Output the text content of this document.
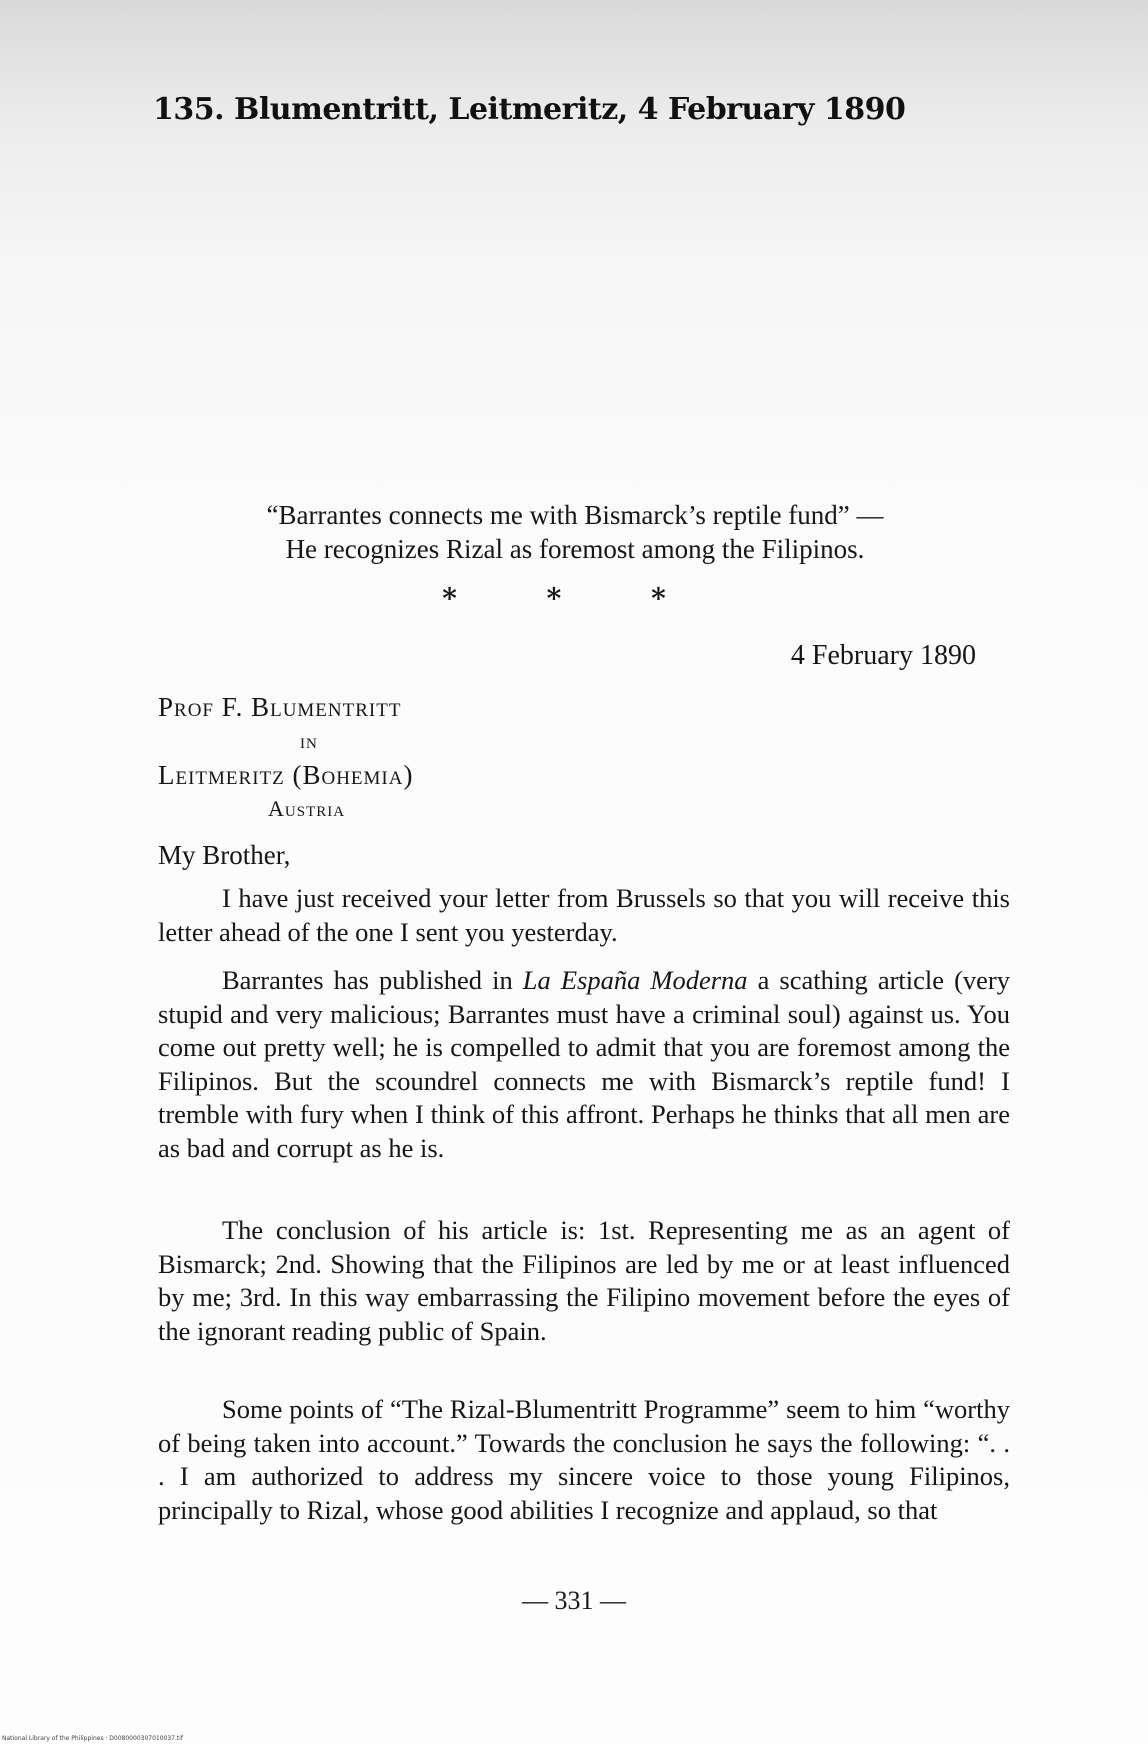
135. Blumentritt, Leitmeritz, 4 February 1890
“Barrantes connects me with Bismarck’s reptile fund” —
He recognizes Rizal as foremost among the Filipinos.
* * *
4 February 1890
Prof F. Blumentritt
in
Leitmeritz (Bohemia)
Austria
My Brother,
I have just received your letter from Brussels so that you will receive this letter ahead of the one I sent you yesterday.
Barrantes has published in La España Moderna a scathing article (very stupid and very malicious; Barrantes must have a criminal soul) against us. You come out pretty well; he is compelled to admit that you are foremost among the Filipinos. But the scoundrel connects me with Bismarck’s reptile fund! I tremble with fury when I think of this affront. Perhaps he thinks that all men are as bad and corrupt as he is.
The conclusion of his article is: 1st. Representing me as an agent of Bismarck; 2nd. Showing that the Filipinos are led by me or at least influenced by me; 3rd. In this way embarrassing the Filipino movement before the eyes of the ignorant reading public of Spain.
Some points of “The Rizal-Blumentritt Programme” seem to him “worthy of being taken into account.” Towards the conclusion he says the following: “. . . I am authorized to address my sincere voice to those young Filipinos, principally to Rizal, whose good abilities I recognize and applaud, so that
— 331 —
National Library of the Philippines · D0080000307010037.tif
